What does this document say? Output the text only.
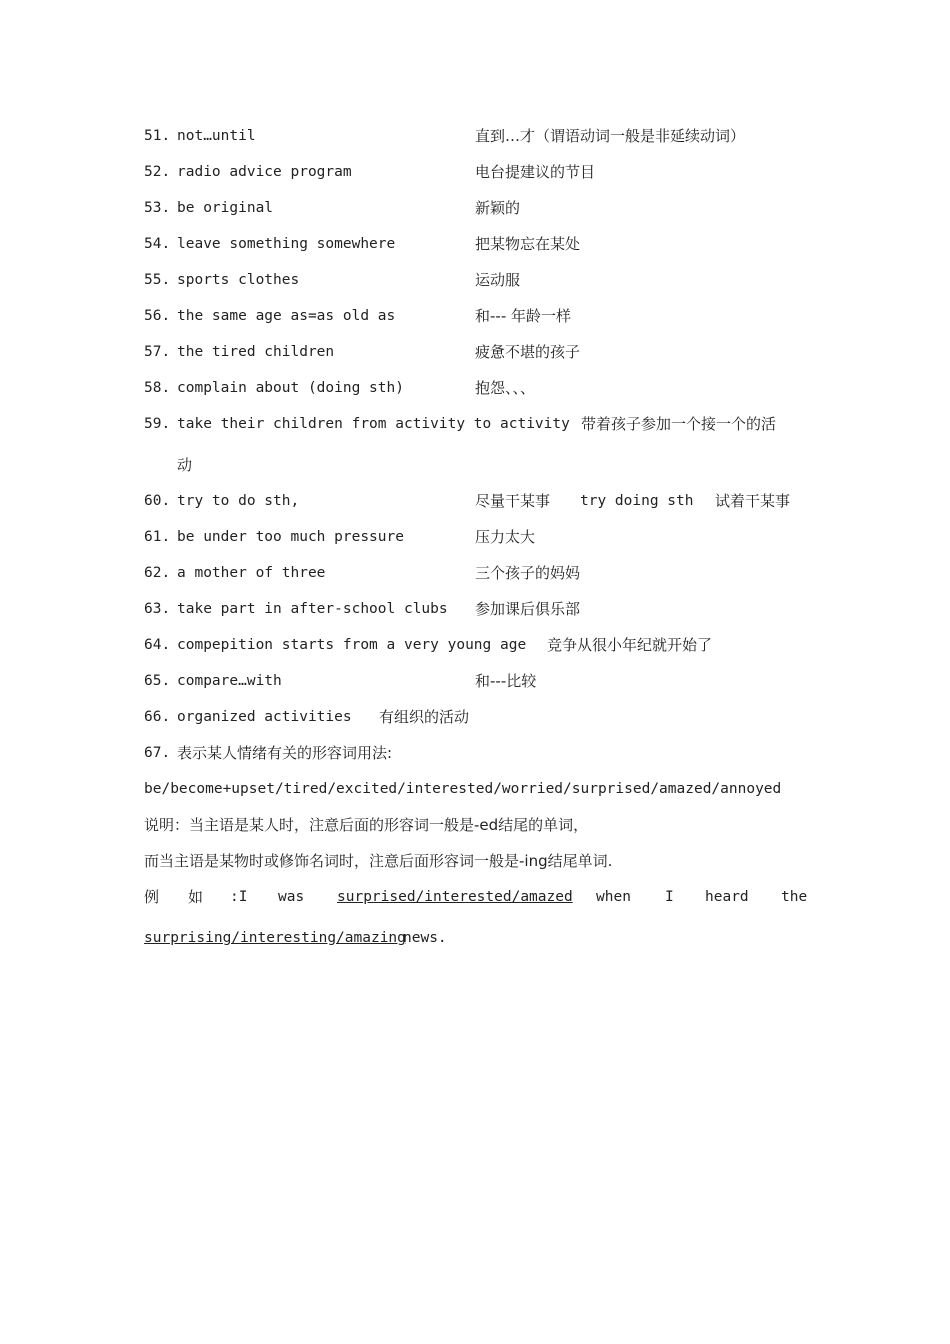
51. not…until	直到…才（谓语动词一般是非延续动词）
52. radio advice program	电台提建议的节目
53. be original	新颖的
54. leave something somewhere	把某物忘在某处
55. sports clothes	运动服
56. the same age as=as old as	和--- 年龄一样
57. the tired children	疲惫不堪的孩子
58. complain about (doing sth)	抱怨、、、
59. take their children from activity to activity 带着孩子参加一个接一个的活
动
60. try to do sth,	尽量干某事 try doing sth 试着干某事
61. be under too much pressure	压力太大
62. a mother of three	三个孩子的妈妈
63. take part in after-school clubs 参加课后俱乐部
64. compepition starts from a very young age 竞争从很小年纪就开始了
65. compare…with	和---比较
66. organized activities 有组织的活动
67. 表示某人情绪有关的形容词用法:
be/become+upset/tired/excited/interested/worried/surprised/amazed/annoyed
说明：当主语是某人时，注意后面的形容词一般是-ed结尾的单词，
而当主语是某物时或修饰名词时，注意后面形容词一般是-ing结尾单词.
例 如 :I was surprised/interested/amazed	when I heard the
surprising/interesting/amazing
news.
